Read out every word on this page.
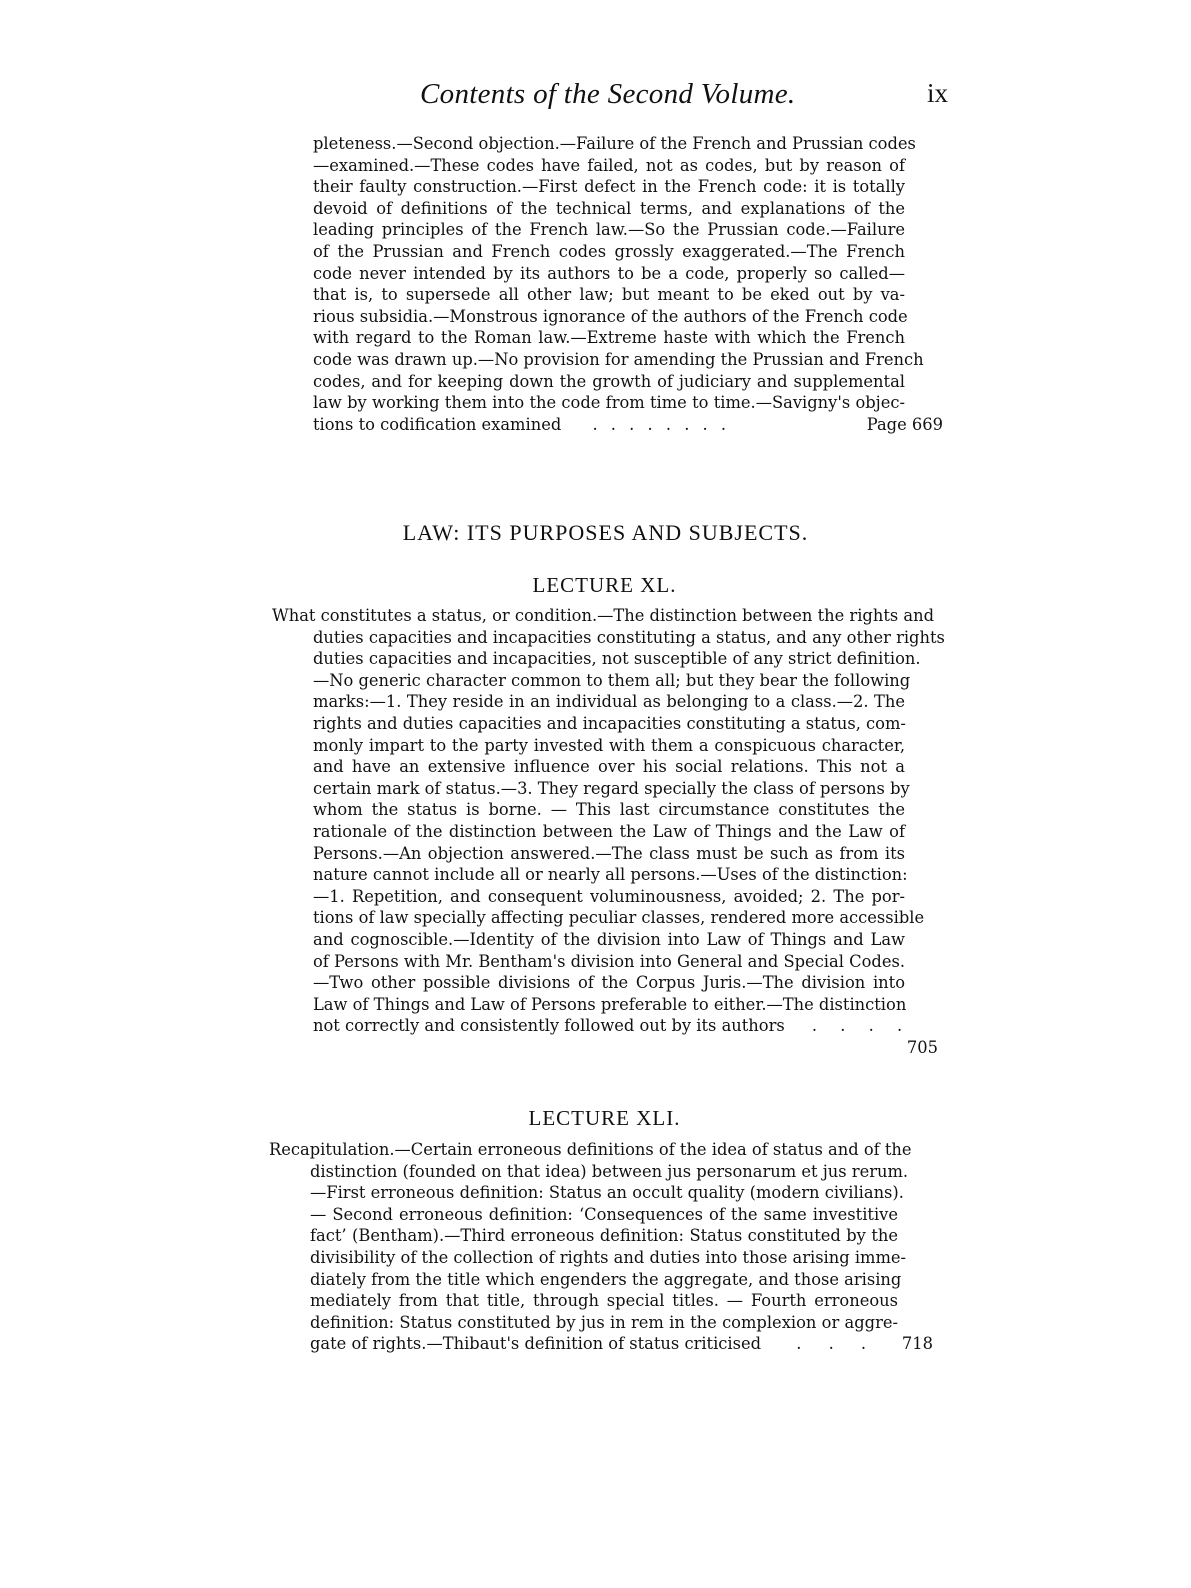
Contents of the Second Volume.	ix
pleteness.—Second objection.—Failure of the French and Prussian codes
—examined.—These codes have failed, not as codes, but by reason of
their faulty construction.—First defect in the French code: it is totally
devoid of definitions of the technical terms, and explanations of the
leading principles of the French law.—So the Prussian code.—Failure
of the Prussian and French codes grossly exaggerated.—The French
code never intended by its authors to be a code, properly so called—
that is, to supersede all other law; but meant to be eked out by va-
rious subsidia.—Monstrous ignorance of the authors of the French code
with regard to the Roman law.—Extreme haste with which the French
code was drawn up.—No provision for amending the Prussian and French
codes, and for keeping down the growth of judiciary and supplemental
law by working them into the code from time to time.—Savigny's objec-
tions to codification examined . . . . . . . .	Page 669
LAW: ITS PURPOSES AND SUBJECTS.
LECTURE XL.
What constitutes a status, or condition.—The distinction between the rights and
duties capacities and incapacities constituting a status, and any other rights
duties capacities and incapacities, not susceptible of any strict definition.
—No generic character common to them all; but they bear the following
marks:—1. They reside in an individual as belonging to a class.—2. The
rights and duties capacities and incapacities constituting a status, com-
monly impart to the party invested with them a conspicuous character,
and have an extensive influence over his social relations. This not a
certain mark of status.—3. They regard specially the class of persons by
whom the status is borne. — This last circumstance constitutes the
rationale of the distinction between the Law of Things and the Law of
Persons.—An objection answered.—The class must be such as from its
nature cannot include all or nearly all persons.—Uses of the distinction:
—1. Repetition, and consequent voluminousness, avoided; 2. The por-
tions of law specially affecting peculiar classes, rendered more accessible
and cognoscible.—Identity of the division into Law of Things and Law
of Persons with Mr. Bentham's division into General and Special Codes.
—Two other possible divisions of the Corpus Juris.—The division into
Law of Things and Law of Persons preferable to either.—The distinction
not correctly and consistently followed out by its authors . . . .
705
LECTURE XLI.
Recapitulation.—Certain erroneous definitions of the idea of status and of the
distinction (founded on that idea) between jus personarum et jus rerum.
—First erroneous definition: Status an occult quality (modern civilians).
— Second erroneous definition: ‘Consequences of the same investitive
fact’ (Bentham).—Third erroneous definition: Status constituted by the
divisibility of the collection of rights and duties into those arising imme-
diately from the title which engenders the aggregate, and those arising
mediately from that title, through special titles. — Fourth erroneous
definition: Status constituted by jus in rem in the complexion or aggre-
gate of rights.—Thibaut's definition of status criticised . . . 718
